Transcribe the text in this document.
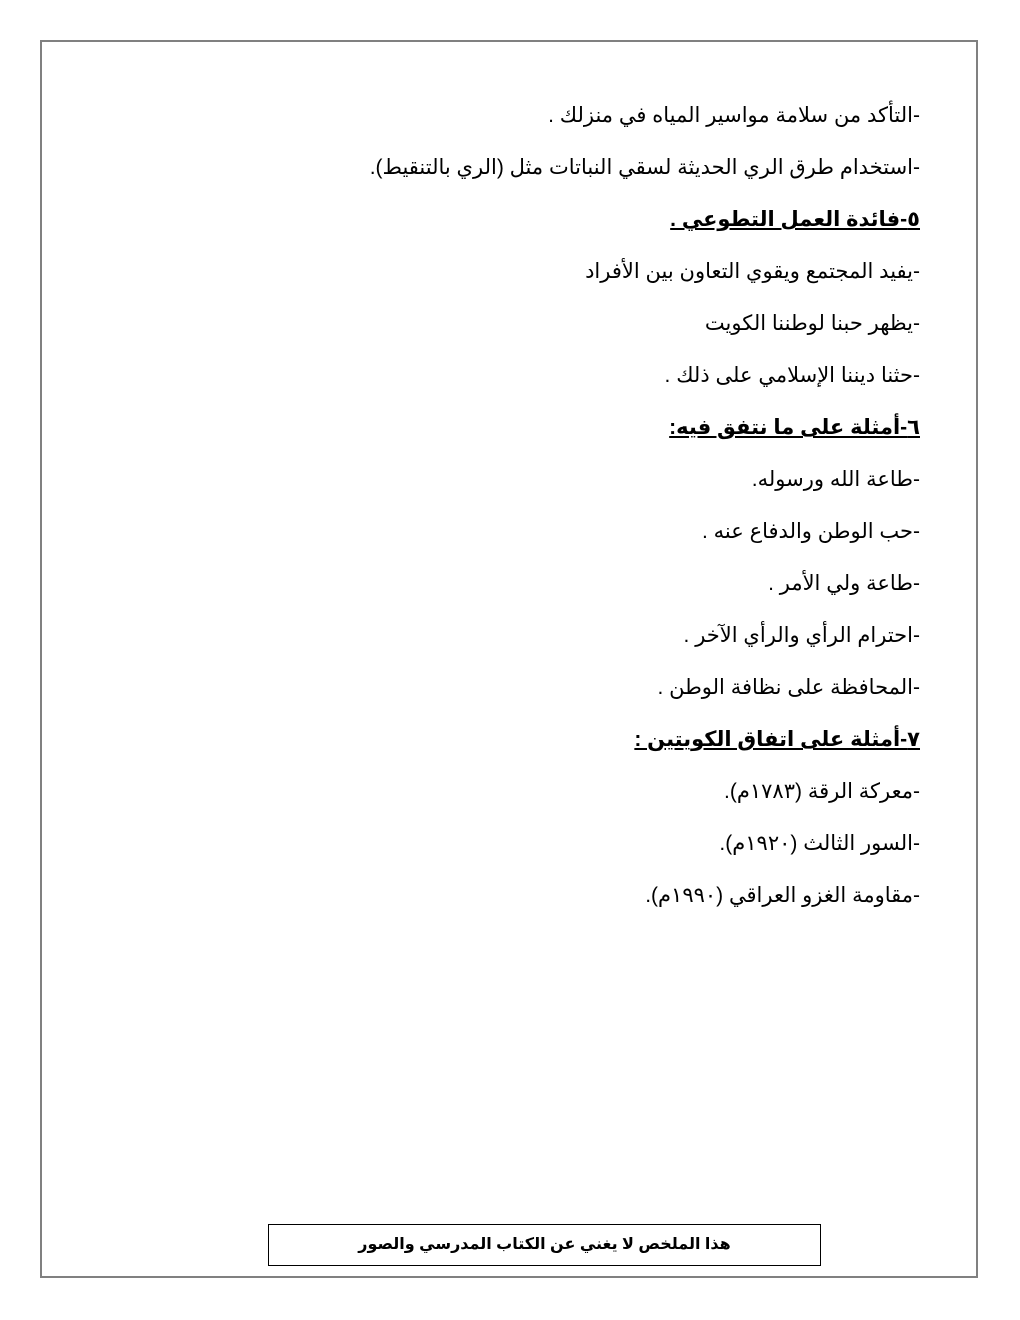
-التأكد من سلامة مواسير المياه في منزلك .
-استخدام طرق الري الحديثة لسقي النباتات مثل (الري بالتنقيط).
٥-فائدة العمل التطوعي .
-يفيد المجتمع ويقوي التعاون بين الأفراد
-يظهر حبنا لوطننا الكويت
-حثنا ديننا الإسلامي على ذلك .
٦-أمثلة على ما نتفق فيه:
-طاعة الله ورسوله.
-حب الوطن والدفاع عنه .
-طاعة ولي الأمر .
-احترام الرأي والرأي الآخر .
-المحافظة على نظافة الوطن .
٧-أمثلة على اتفاق الكويتين :
-معركة الرقة (١٧٨٣م).
-السور الثالث (١٩٢٠م).
-مقاومة الغزو العراقي (١٩٩٠م).
هذا الملخص لا يغني عن الكتاب المدرسي والصور
